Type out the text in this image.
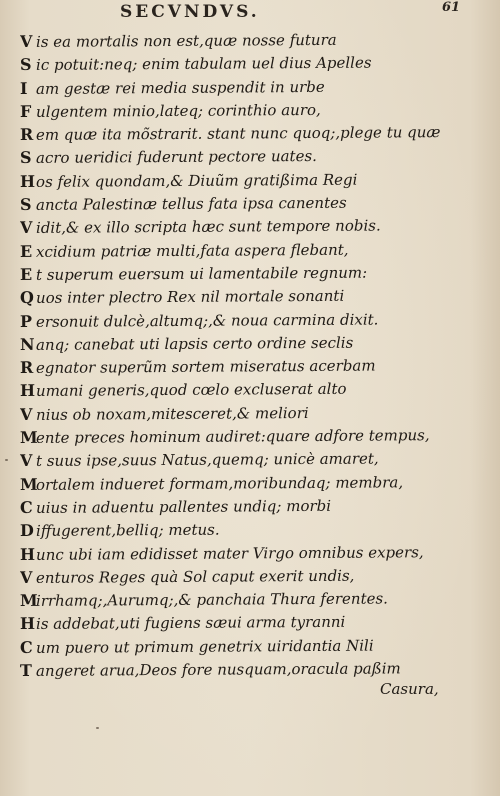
SECVNDVS.	61
V is ea mortalis non est,quæ nosse futura
S ic potuit:neq; enim tabulam uel dius Apelles
I am gestæ rei media suspendit in urbe
F ulgentem minio,lateq; corinthio auro,
R em quæ ita mõstrarit. stant nunc quoq;,plege tu quæ
S acro ueridici fuderunt pectore uates.
Hos felix quondam,& Diuũm gratißima Regi
S ancta Palestinæ tellus fata ipsa canentes
V idit,& ex illo scripta hæc sunt tempore nobis.
E xcidium patriæ multi,fata aspera flebant,
E t superum euersum ui lamentabile regnum:
Q uos inter plectro Rex nil mortale sonanti
P ersonuit dulcè,altumq;,& noua carmina dixit.
Nanq; canebat uti lapsis certo ordine seclis
R egnator superũm sortem miseratus acerbam
Humani generis,quod cœlo excluserat alto
V nius ob noxam,mitesceret,& meliori
Mente preces hominum audiret:quare adfore tempus,
V t suus ipse,suus Natus,quemq; unicè amaret,
Mortalem indueret formam,moribundaq; membra,
C uius in aduentu pallentes undiq; morbi
D iffugerent,belliq; metus.
Hunc ubi iam edidisset mater Virgo omnibus expers,
V enturos Reges quà Sol caput exerit undis,
Mirrhamq;,Aurumq;,& panchaia Thura ferentes.
His addebat,uti fugiens sæui arma tyranni
C um puero ut primum genetrix uiridantia Nili
T angeret arua,Deos fore nusquam,oracula paßim
Casura,
